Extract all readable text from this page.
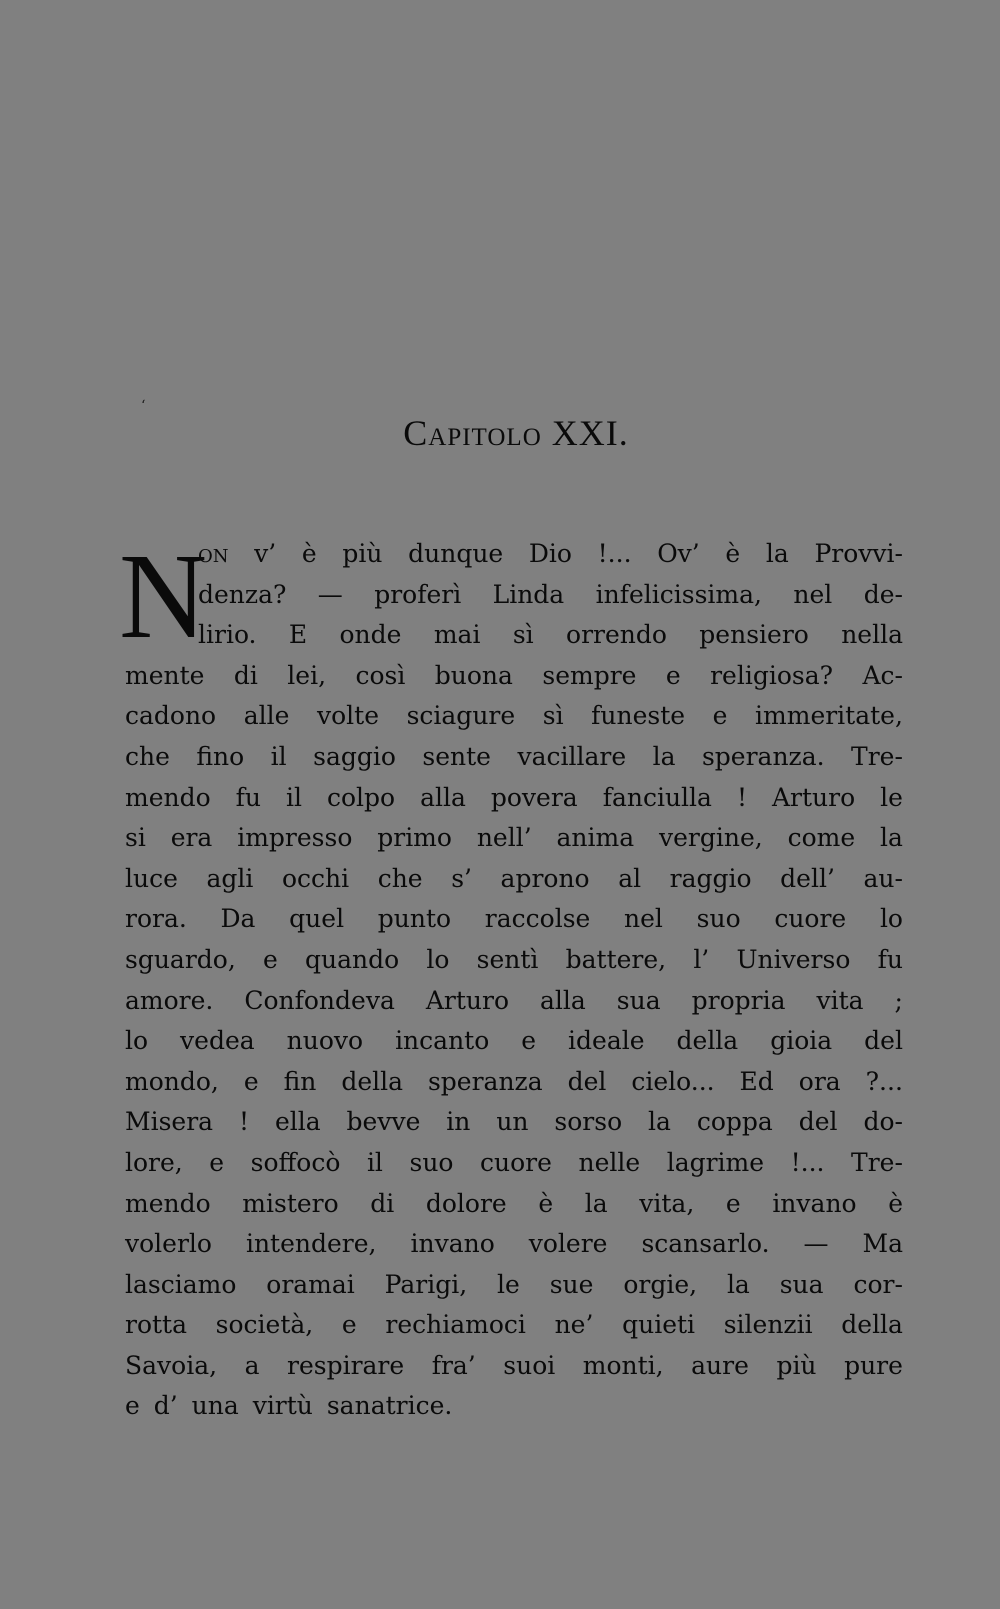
‘
Capitolo XXI.
N
on v’ è più dunque Dio !... Ov’ è la Provvi-
denza? — proferì Linda infelicissima, nel de-
lirio. E onde mai sì orrendo pensiero nella
mente di lei, così buona sempre e religiosa? Ac-
cadono alle volte sciagure sì funeste e immeritate,
che fino il saggio sente vacillare la speranza. Tre-
mendo fu il colpo alla povera fanciulla ! Arturo le
si era impresso primo nell’ anima vergine, come la
luce agli occhi che s’ aprono al raggio dell’ au-
rora. Da quel punto raccolse nel suo cuore lo
sguardo, e quando lo sentì battere, l’ Universo fu
amore. Confondeva Arturo alla sua propria vita ;
lo vedea nuovo incanto e ideale della gioia del
mondo, e fin della speranza del cielo... Ed ora ?...
Misera ! ella bevve in un sorso la coppa del do-
lore, e soffocò il suo cuore nelle lagrime !... Tre-
mendo mistero di dolore è la vita, e invano è
volerlo intendere, invano volere scansarlo. — Ma
lasciamo oramai Parigi, le sue orgie, la sua cor-
rotta società, e rechiamoci ne’ quieti silenzii della
Savoia, a respirare fra’ suoi monti, aure più pure
e d’ una virtù sanatrice.
